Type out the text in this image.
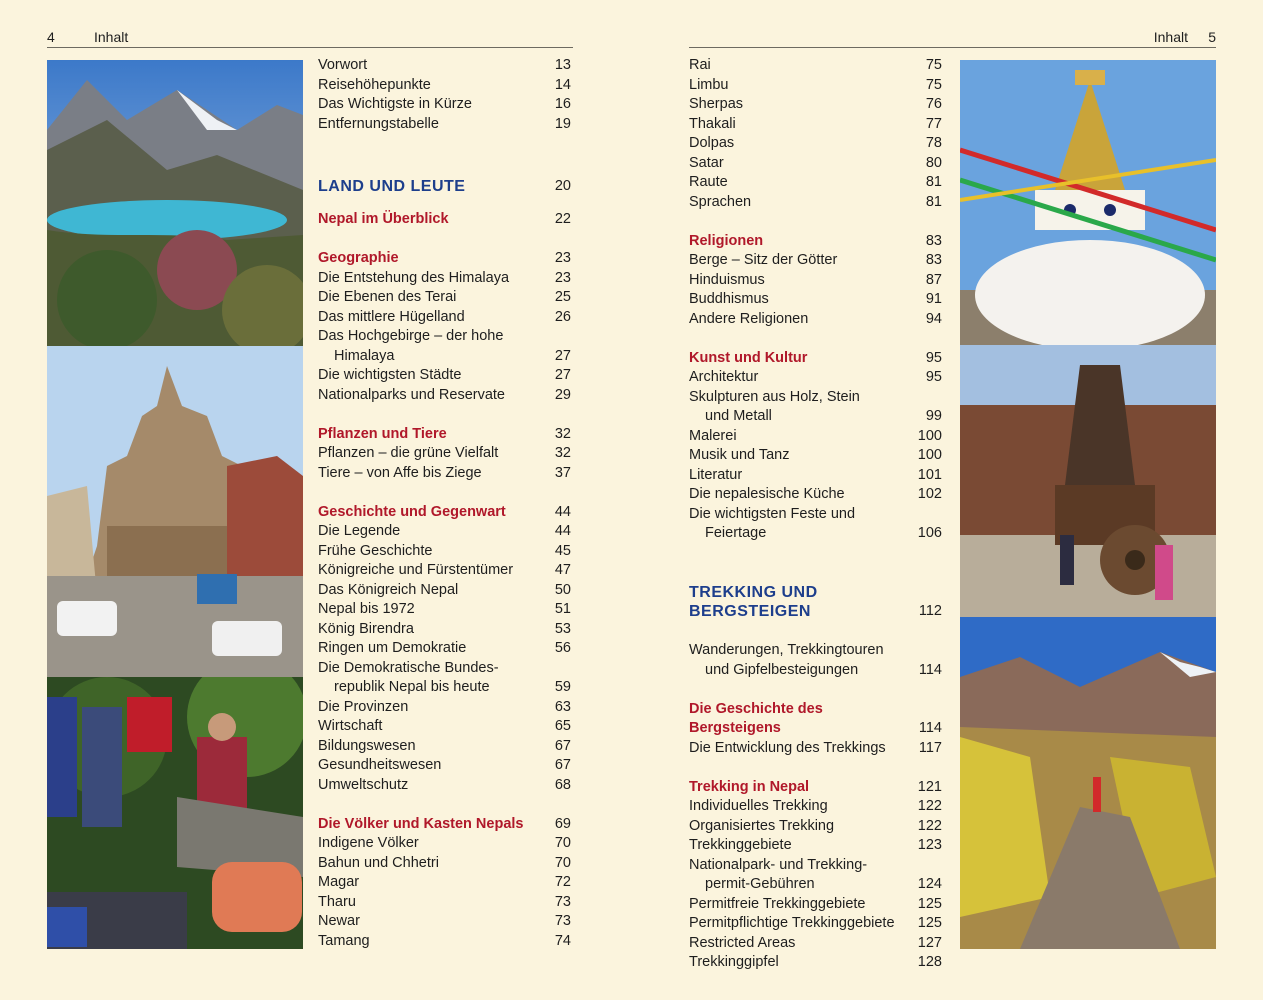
4	Inhalt	Inhalt 5
Vorwort	13
Reisehöhepunkte	14
Das Wichtigste in Kürze	16
Entfernungstabelle	19
LAND UND LEUTE	20
Nepal im Überblick	22
Geographie	23
Die Entstehung des Himalaya	23
Die Ebenen des Terai	25
Das mittlere Hügelland	26
Das Hochgebirge – der hohe
Himalaya	27
Die wichtigsten Städte	27
Nationalparks und Reservate	29
Pflanzen und Tiere	32
Pflanzen – die grüne Vielfalt	32
Tiere – von Affe bis Ziege	37
Geschichte und Gegenwart	44
Die Legende	44
Frühe Geschichte	45
Königreiche und Fürstentümer	47
Das Königreich Nepal	50
Nepal bis 1972	51
König Birendra	53
Ringen um Demokratie	56
Die Demokratische Bundes-
republik Nepal bis heute	59
Die Provinzen	63
Wirtschaft	65
Bildungswesen	67
Gesundheitswesen	67
Umweltschutz	68
Die Völker und Kasten Nepals	69
Indigene Völker	70
Bahun und Chhetri	70
Magar	72
Tharu	73
Newar	73
Tamang	74
Rai	75
Limbu	75
Sherpas	76
Thakali	77
Dolpas	78
Satar	80
Raute	81
Sprachen	81
Religionen	83
Berge – Sitz der Götter	83
Hinduismus	87
Buddhismus	91
Andere Religionen	94
Kunst und Kultur	95
Architektur	95
Skulpturen aus Holz, Stein
und Metall	99
Malerei	100
Musik und Tanz	100
Literatur	101
Die nepalesische Küche	102
Die wichtigsten Feste und
Feiertage	106
TREKKING UND
BERGSTEIGEN	112
Wanderungen, Trekkingtouren
und Gipfelbesteigungen	114
Die Geschichte des Bergsteigens	114
Die Entwicklung des Trekkings	117
Trekking in Nepal	121
Individuelles Trekking	122
Organisiertes Trekking	122
Trekkinggebiete	123
Nationalpark- und Trekking-
permit-Gebühren	124
Permitfreie Trekkinggebiete	125
Permitpflichtige Trekkinggebiete	125
Restricted Areas	127
Trekkinggipfel	128
